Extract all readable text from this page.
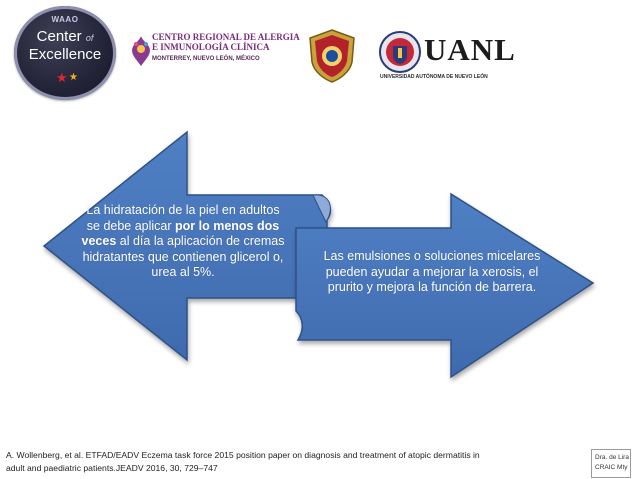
WAAO
Center of
Excellence
★ ★
CENTRO REGIONAL DE ALERGIA
E INMUNOLOGÍA CLÍNICA
MONTERREY, NUEVO LEÓN, MÉXICO	UANL
UNIVERSIDAD AUTÓNOMA DE NUEVO LEÓN
La hidratación de la piel en adultos se debe aplicar por lo menos dos veces al día la aplicación de cremas hidratantes que contienen glicerol o, urea al 5%.
Las emulsiones o soluciones micelares pueden ayudar a mejorar la xerosis, el prurito y mejora la función de barrera.

A. Wollenberg, et al. ETFAD/EADV Eczema task force 2015 position paper on diagnosis and treatment of atopic dermatitis in

adult and paediatric patients.JEADV 2016, 30, 729–747

Dra. de Lira
CRAIC Mty
